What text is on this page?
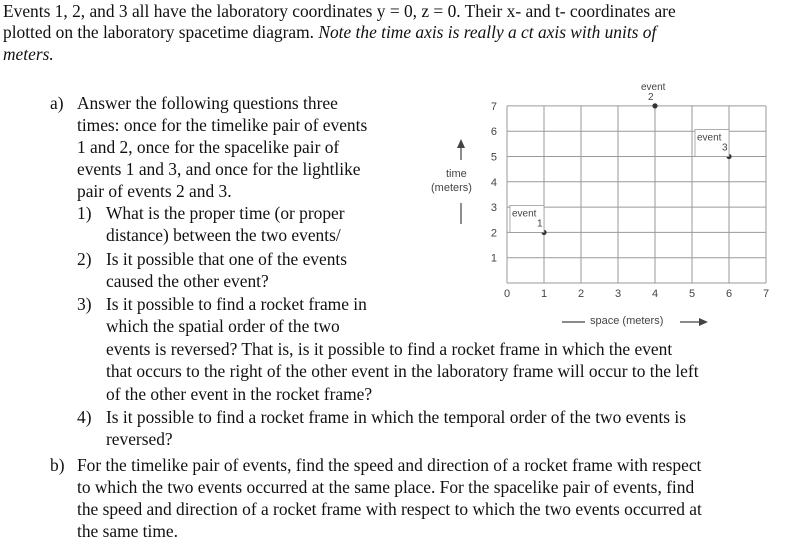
Events 1, 2, and 3 all have the laboratory coordinates y = 0, z = 0. Their x- and t- coordinates are
plotted on the laboratory spacetime diagram. Note the time axis is really a ct axis with units of
meters.
a) Answer the following questions three
times: once for the timelike pair of events
1 and 2, once for the spacelike pair of
events 1 and 3, and once for the lightlike
pair of events 2 and 3.
1) What is the proper time (or proper
distance) between the two events/
2) Is it possible that one of the events
caused the other event?
3) Is it possible to find a rocket frame in
which the spatial order of the two
events is reversed? That is, is it possible to find a rocket frame in which the event
that occurs to the right of the other event in the laboratory frame will occur to the left
of the other event in the rocket frame?
4) Is it possible to find a rocket frame in which the temporal order of the two events is
reversed?
b) For the timelike pair of events, find the speed and direction of a rocket frame with respect
to which the two events occurred at the same place. For the spacelike pair of events, find
the speed and direction of a rocket frame with respect to which the two events occurred at
the same time.
0	1	2	3	4	5	6	7
1
2
3
4
5
6
7
event
1
event
2
event
3
time
(meters)
space (meters)
